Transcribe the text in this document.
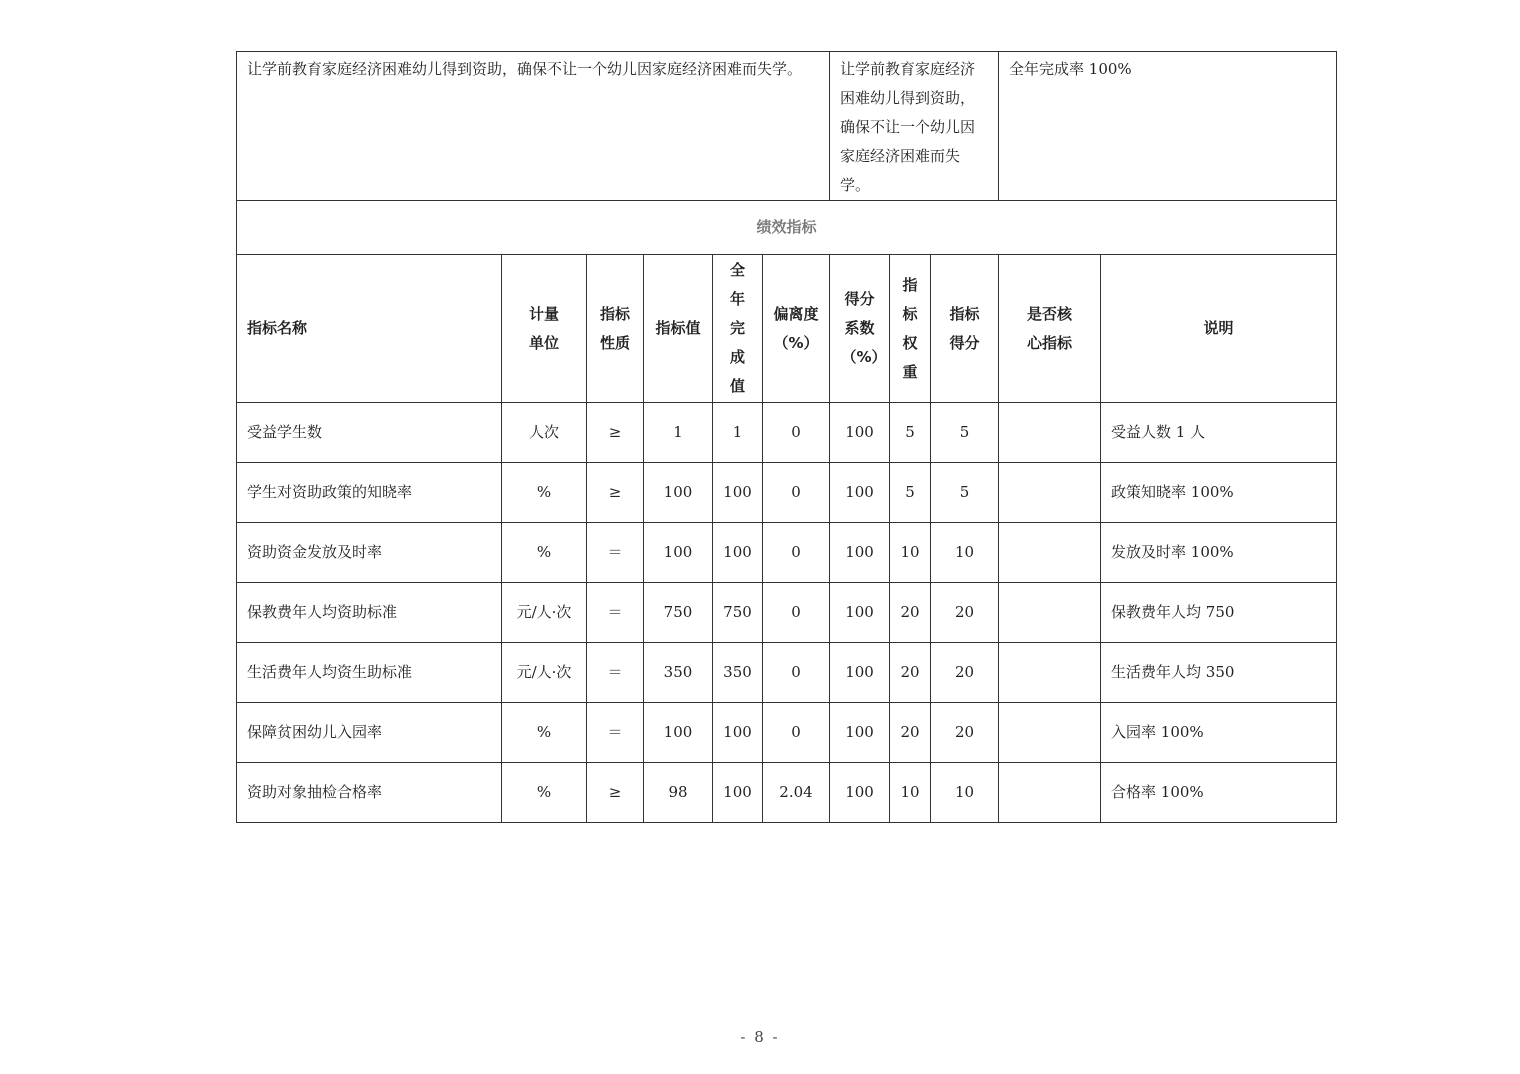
让学前教育家庭经济困难幼儿得到资助，确保不让一个幼儿因家庭经济困难而失学。						让学前教育家庭经济困难幼儿得到资助，确保不让一个幼儿因家庭经济困难而失学。			全年完成率 100%	
绩效指标										
指标名称	计量单位	指标性质	指标值	全年完成值	偏离度（%）	得分系数（%）	指标权重	指标得分	是否核心指标	说明
受益学生数	人次	≥	1	1	0	100	5	5		受益人数 1 人
学生对资助政策的知晓率	%	≥	100	100	0	100	5	5		政策知晓率 100%
资助资金发放及时率	%	＝	100	100	0	100	10	10		发放及时率 100%
保教费年人均资助标准	元/人·次	＝	750	750	0	100	20	20		保教费年人均 750
生活费年人均资生助标准	元/人·次	＝	350	350	0	100	20	20		生活费年人均 350
保障贫困幼儿入园率	%	＝	100	100	0	100	20	20		入园率 100%
资助对象抽检合格率	%	≥	98	100	2.04	100	10	10		合格率 100%
- 8 -
